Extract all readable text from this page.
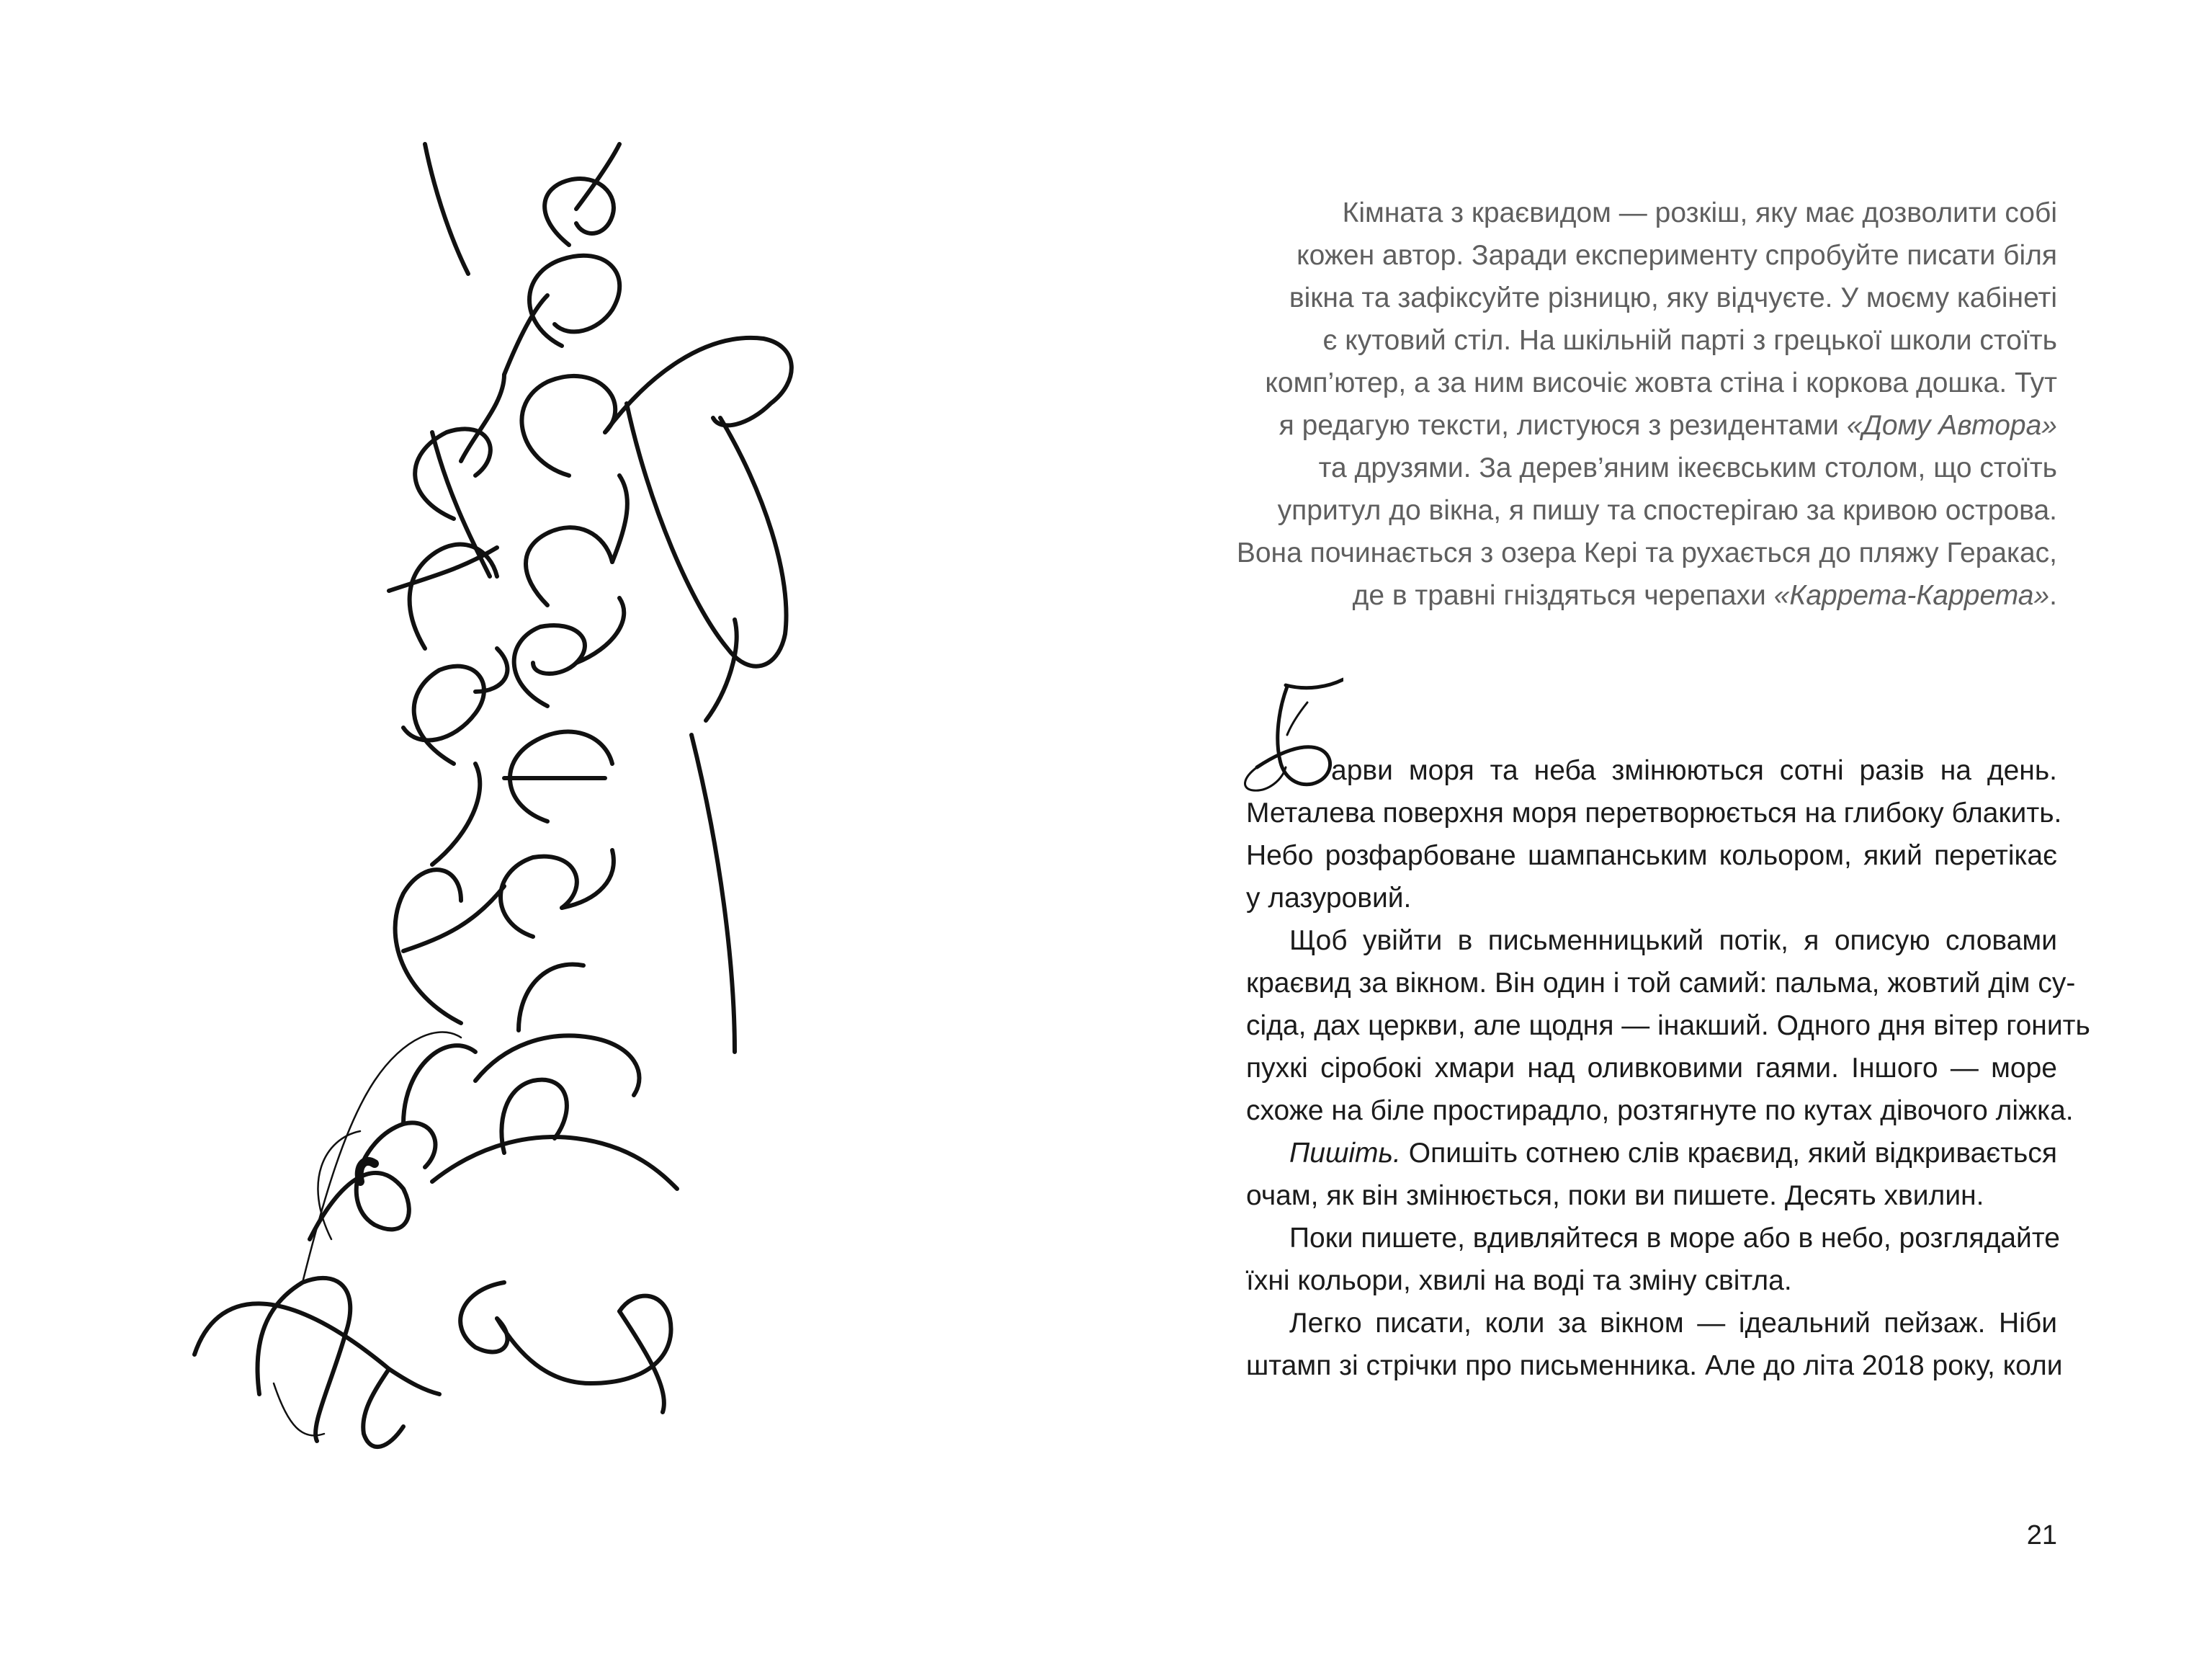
Кімната з краєвидом — розкіш, яку має дозволити собі
кожен автор. Заради експерименту спробуйте писати біля
вікна та зафіксуйте різницю, яку відчуєте. У моєму кабінеті
є кутовий стіл. На шкільній парті з грецької школи стоїть
комп’ютер, а за ним височіє жовта стіна і коркова дошка. Тут
я редагую тексти, листуюся з резидентами «Дому Автора»
та друзями. За дерев’яним ікеєвським столом, що стоїть
упритул до вікна, я пишу та спостерігаю за кривою острова.
Вона починається з озера Кері та рухається до пляжу Геракас,
де в травні гніздяться черепахи «Каррета-Каррета».
арви моря та неба змінюються сотні разів на день.
Металева поверхня моря перетворюється на глибоку блакить.
Небо розфарбоване шампанським кольором, який перетікає
у лазуровий.
Щоб увійти в письменницький потік, я описую словами
краєвид за вікном. Він один і той самий: пальма, жовтий дім су-
сіда, дах церкви, але щодня — інакший. Одного дня вітер гонить
пухкі сіробокі хмари над оливковими гаями. Іншого — море
схоже на біле простирадло, розтягнуте по кутах дівочого ліжка.
Пишіть. Опишіть сотнею слів краєвид, який відкривається
очам, як він змінюється, поки ви пишете. Десять хвилин.
Поки пишете, вдивляйтеся в море або в небо, розглядайте
їхні кольори, хвилі на воді та зміну світла.
Легко писати, коли за вікном — ідеальний пейзаж. Ніби
штамп зі стрічки про письменника. Але до літа 2018 року, коли
21
